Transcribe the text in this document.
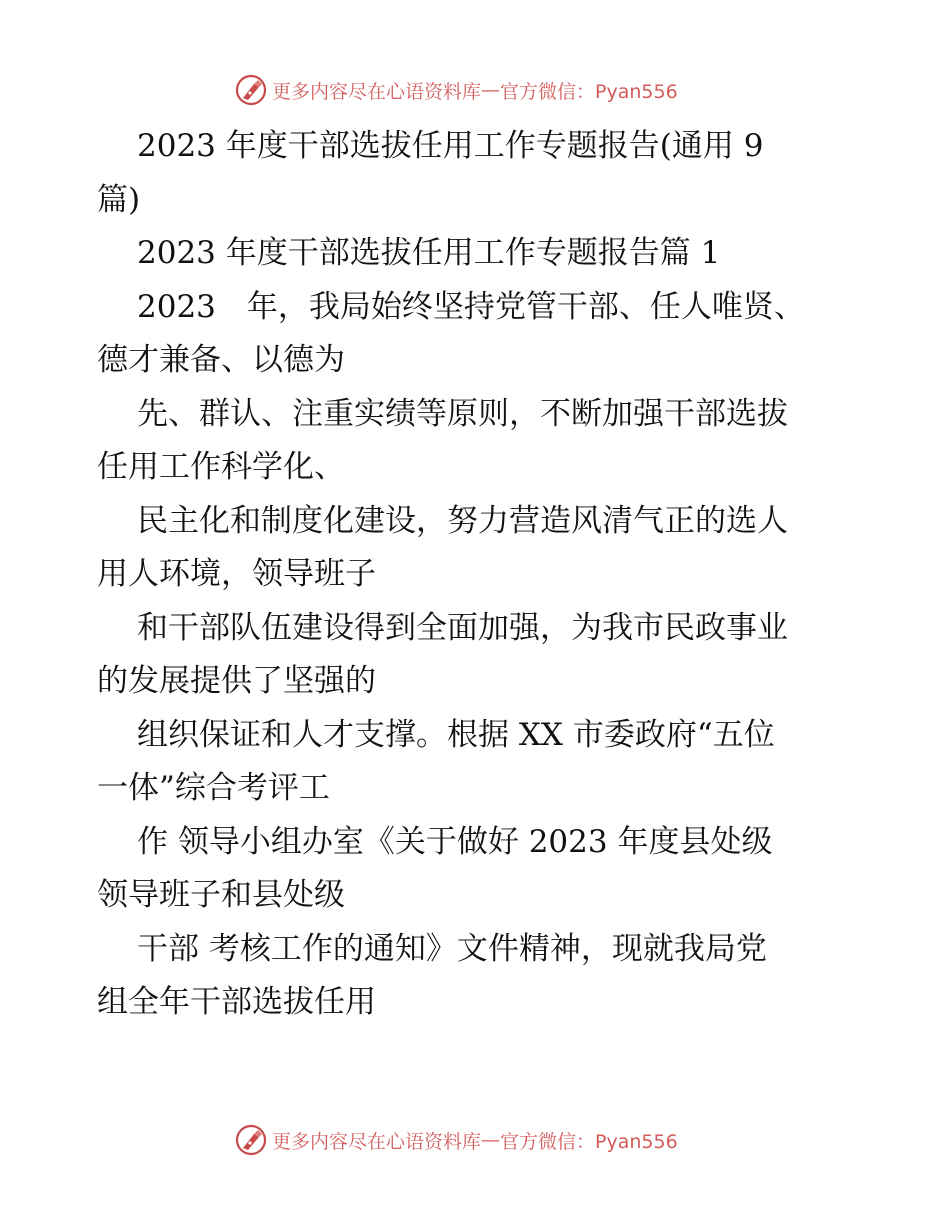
更多内容尽在心语资料库 — 官方微信：Pyan556
2023 年度干部选拔任用工作专题报告(通用 9
篇)
2023 年度干部选拔任用工作专题报告篇 1
2023　年，我局始终坚持党管干部、任人唯贤、
德才兼备、以德为
先、群认、注重实绩等原则，不断加强干部选拔
任用工作科学化、
民主化和制度化建设，努力营造风清气正的选人
用人环境，领导班子
和干部队伍建设得到全面加强，为我市民政事业
的发展提供了坚强的
组织保证和人才支撑。根据 XX 市委政府“五位
一体”综合考评工
作 领导小组办室《关于做好 2023 年度县处级
领导班子和县处级
干部 考核工作的通知》文件精神，现就我局党
组全年干部选拔任用
更多内容尽在心语资料库 — 官方微信：Pyan556
